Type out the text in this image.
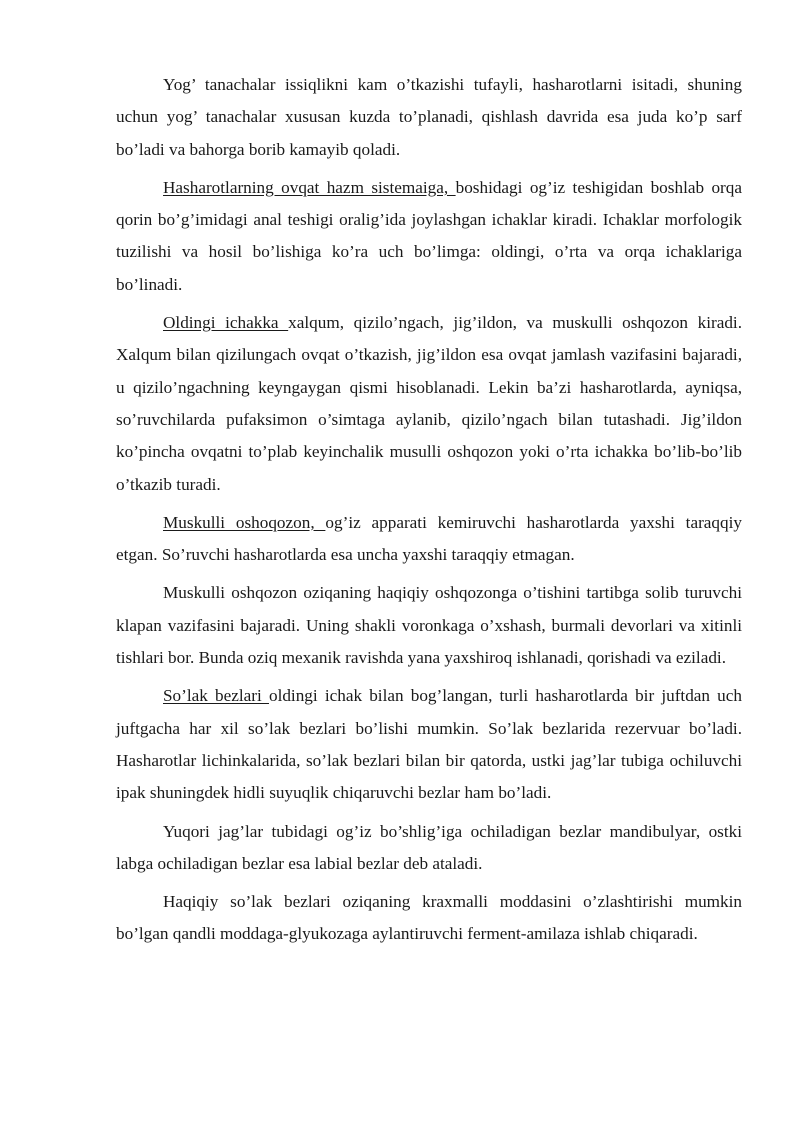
Yog’ tanachalar issiqlikni kam o’tkazishi tufayli, hasharotlarni isitadi, shuning uchun yog’ tanachalar xususan kuzda to’planadi, qishlash davrida esa juda ko’p sarf bo’ladi va bahorga borib kamayib qoladi.

Hasharotlarning ovqat hazm sistemaiga, boshidagi og’iz teshigidan boshlab orqa qorin bo’g’imidagi anal teshigi oralig’ida joylashgan ichaklar kiradi. Ichaklar morfologik tuzilishi va hosil bo’lishiga ko’ra uch bo’limga: oldingi, o’rta va orqa ichaklariga bo’linadi.

Oldingi ichakka xalqum, qizilo’ngach, jig’ildon, va muskulli oshqozon kiradi. Xalqum bilan qizilungach ovqat o’tkazish, jig’ildon esa ovqat jamlash vazifasini bajaradi, u qizilo’ngachning keyngaygan qismi hisoblanadi. Lekin ba’zi hasharotlarda, ayniqsa, so’ruvchilarda pufaksimon o’simtaga aylanib, qizilo’ngach bilan tutashadi. Jig’ildon ko’pincha ovqatni to’plab keyinchalik musulli oshqozon yoki o’rta ichakka bo’lib-bo’lib o’tkazib turadi.

Muskulli oshoqozon, og’iz apparati kemiruvchi hasharotlarda yaxshi taraqqiy etgan. So’ruvchi hasharotlarda esa uncha yaxshi taraqqiy etmagan.

Muskulli oshqozon oziqaning haqiqiy oshqozonga o’tishini tartibga solib turuvchi klapan vazifasini bajaradi. Uning shakli voronkaga o’xshash, burmali devorlari va xitinli tishlari bor. Bunda oziq mexanik ravishda yana yaxshiroq ishlanadi, qorishadi va eziladi.

So’lak bezlari oldingi ichak bilan bog’langan, turli hasharotlarda bir juftdan uch juftgacha har xil so’lak bezlari bo’lishi mumkin. So’lak bezlarida rezervuar bo’ladi. Hasharotlar lichinkalarida, so’lak bezlari bilan bir qatorda, ustki jag’lar tubiga ochiluvchi ipak shuningdek hidli suyuqlik chiqaruvchi bezlar ham bo’ladi.

Yuqori jag’lar tubidagi og’iz bo’shlig’iga ochiladigan bezlar mandibulyar, ostki labga ochiladigan bezlar esa labial bezlar deb ataladi.

Haqiqiy so’lak bezlari oziqaning kraxmalli moddasini o’zlashtirishi mumkin bo’lgan qandli moddaga-glyukozaga aylantiruvchi ferment-amilaza ishlab chiqaradi.
